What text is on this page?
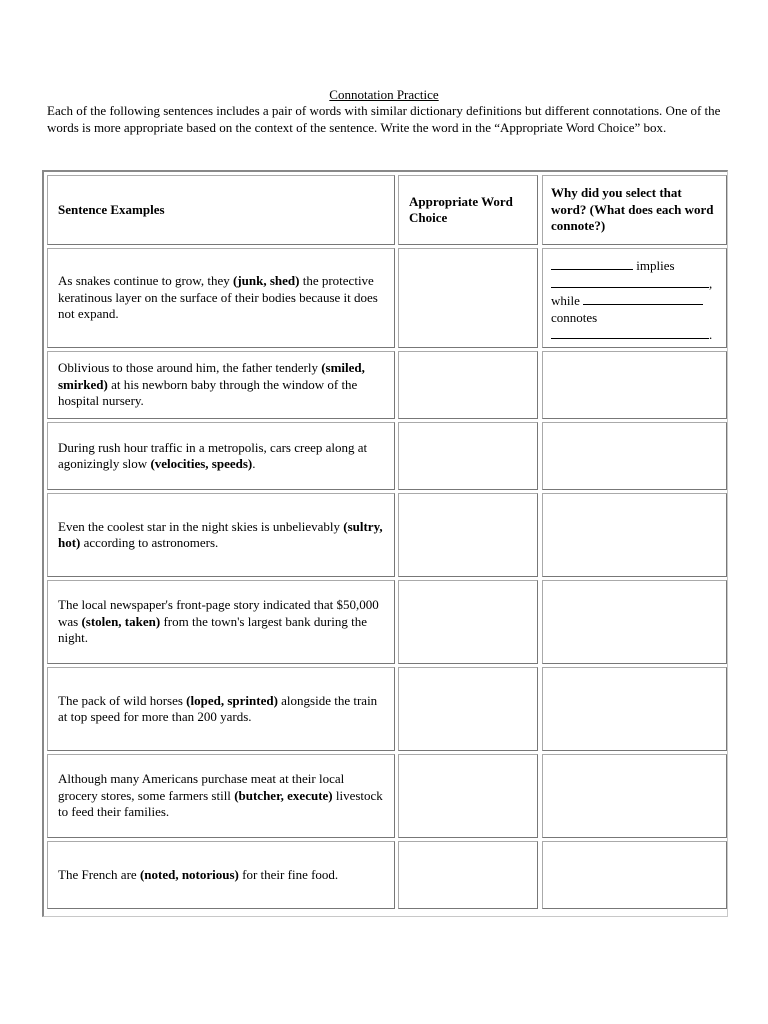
Connotation Practice

Each of the following sentences includes a pair of words with similar dictionary definitions but different connotations. One of the words is more appropriate based on the context of the sentence. Write the word in the “Appropriate Word Choice” box.

Sentence Examples
Appropriate Word Choice
Why did you select that word? (What does each word connote?)
As snakes continue to grow, they (junk, shed) the protective keratinous layer on the surface of their bodies because it does not expand.
implies
,
while
connotes
.
Oblivious to those around him, the father tenderly (smiled, smirked) at his newborn baby through the window of the hospital nursery.
During rush hour traffic in a metropolis, cars creep along at agonizingly slow (velocities, speeds).
Even the coolest star in the night skies is unbelievably (sultry, hot) according to astronomers.
The local newspaper's front-page story indicated that $50,000 was (stolen, taken) from the town's largest bank during the night.
The pack of wild horses (loped, sprinted) alongside the train at top speed for more than 200 yards.
Although many Americans purchase meat at their local grocery stores, some farmers still (butcher, execute) livestock to feed their families.
The French are (noted, notorious) for their fine food.
